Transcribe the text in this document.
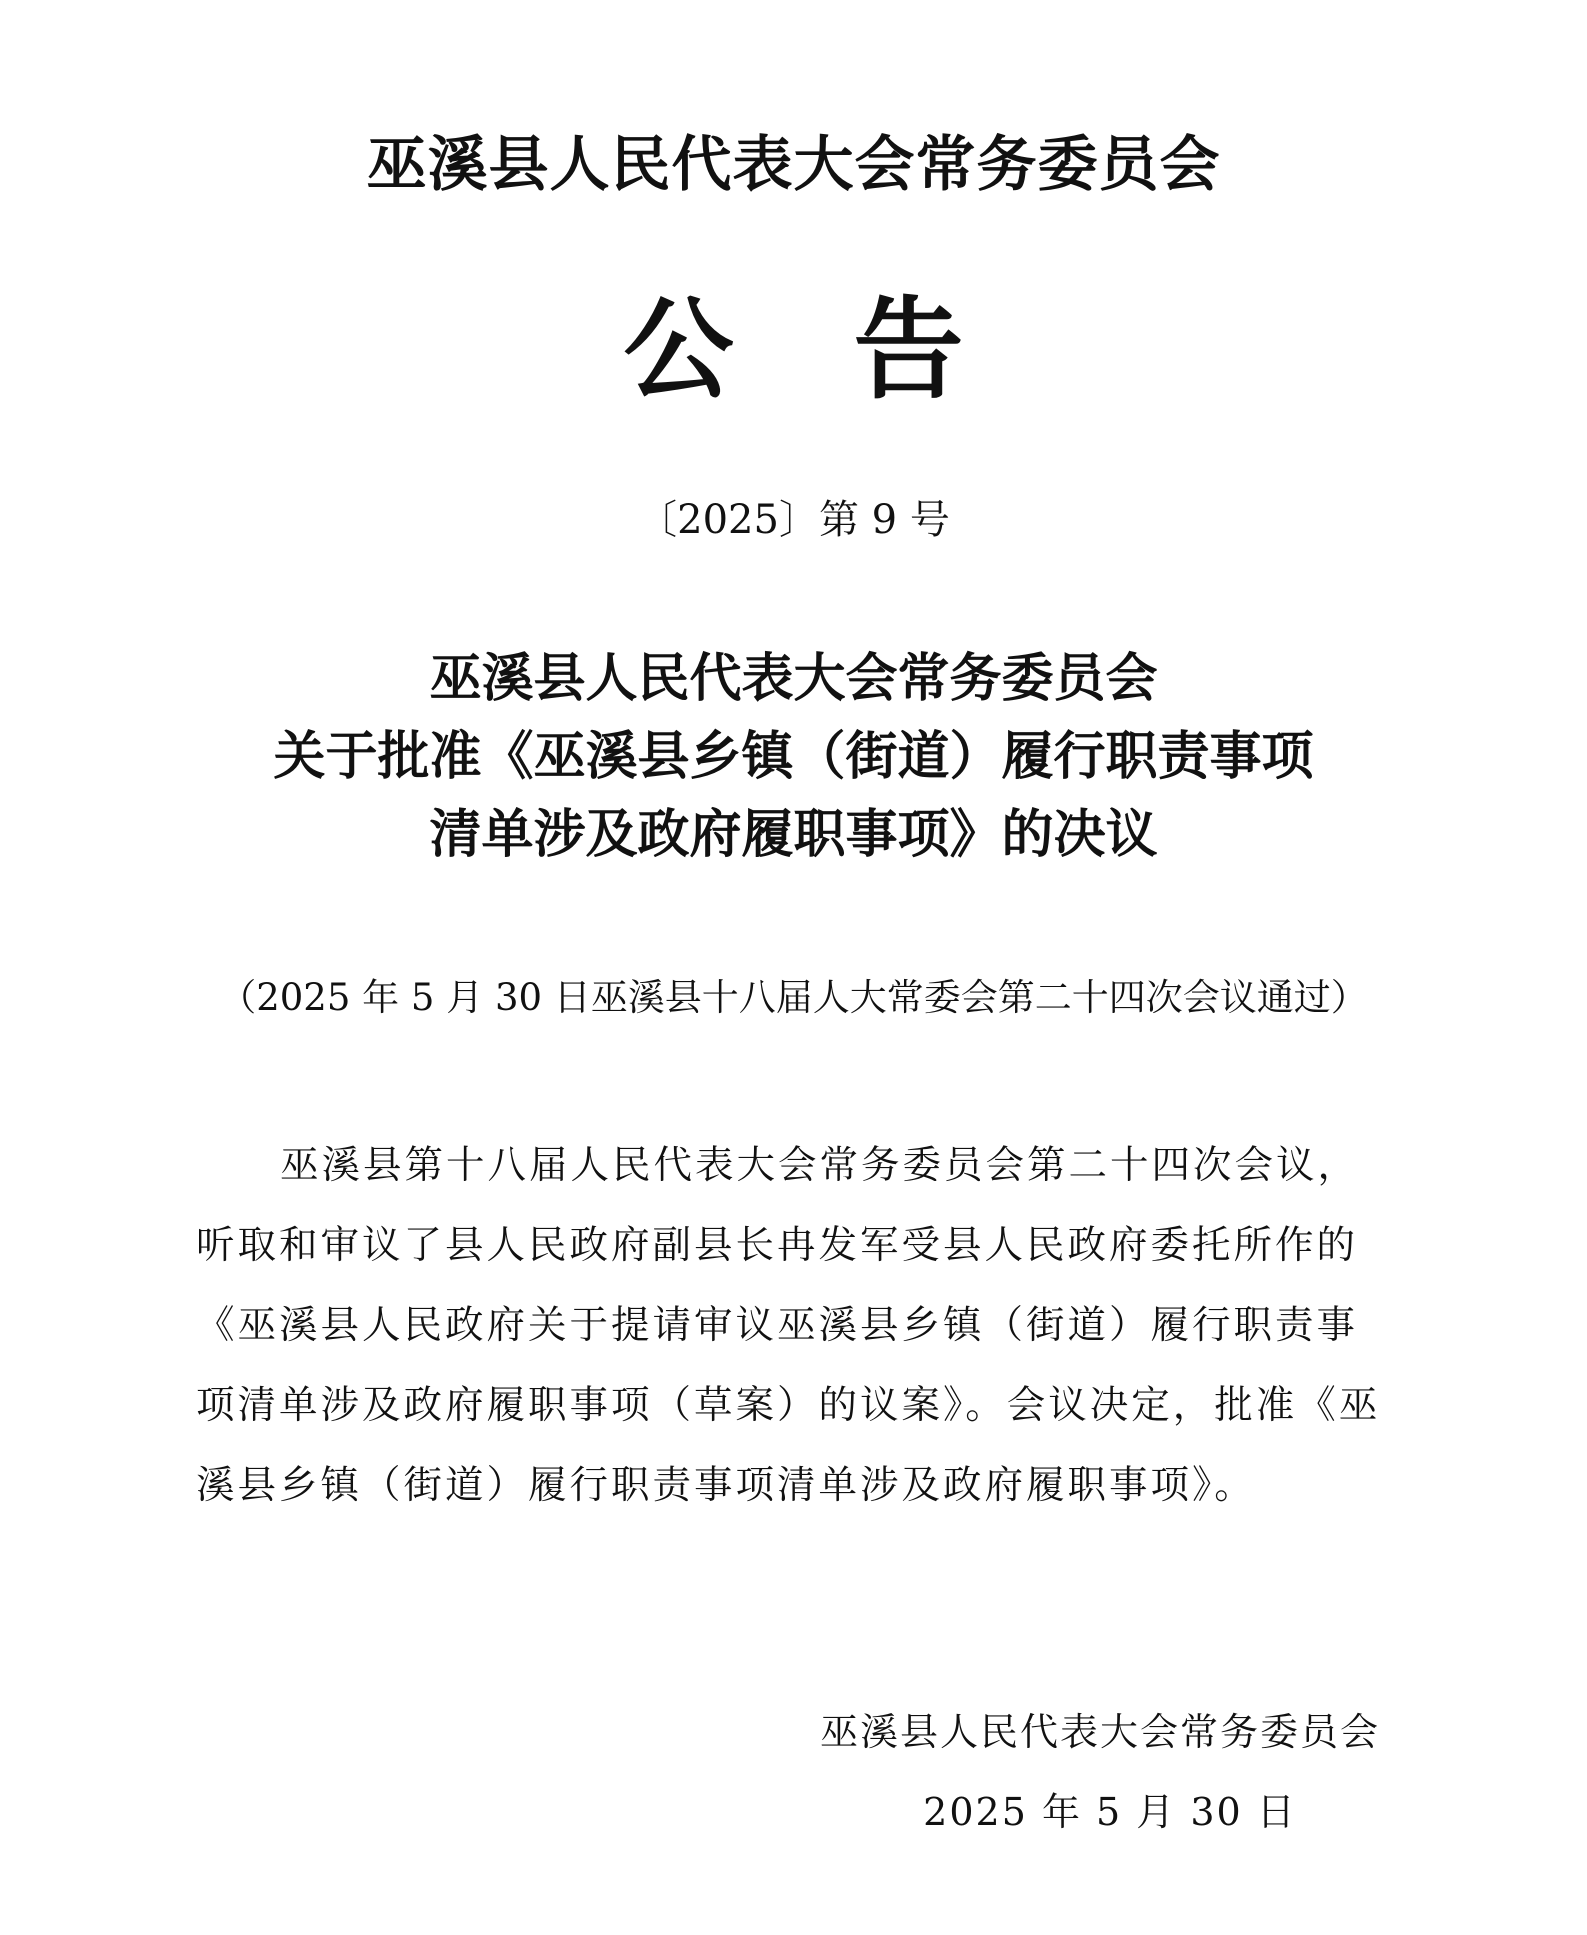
巫溪县人民代表大会常务委员会
公 告
〔2025〕第 9 号
巫溪县人民代表大会常务委员会
关于批准《巫溪县乡镇（街道）履行职责事项
清单涉及政府履职事项》的决议
（2025 年 5 月 30 日巫溪县十八届人大常委会第二十四次会议通过）
巫溪县第十八届人民代表大会常务委员会第二十四次会议，
听取和审议了县人民政府副县长冉发军受县人民政府委托所作的
《巫溪县人民政府关于提请审议巫溪县乡镇（街道）履行职责事
项清单涉及政府履职事项（草案）的议案》。会议决定，批准《巫
溪县乡镇（街道）履行职责事项清单涉及政府履职事项》。
巫溪县人民代表大会常务委员会
2025 年 5 月 30 日
